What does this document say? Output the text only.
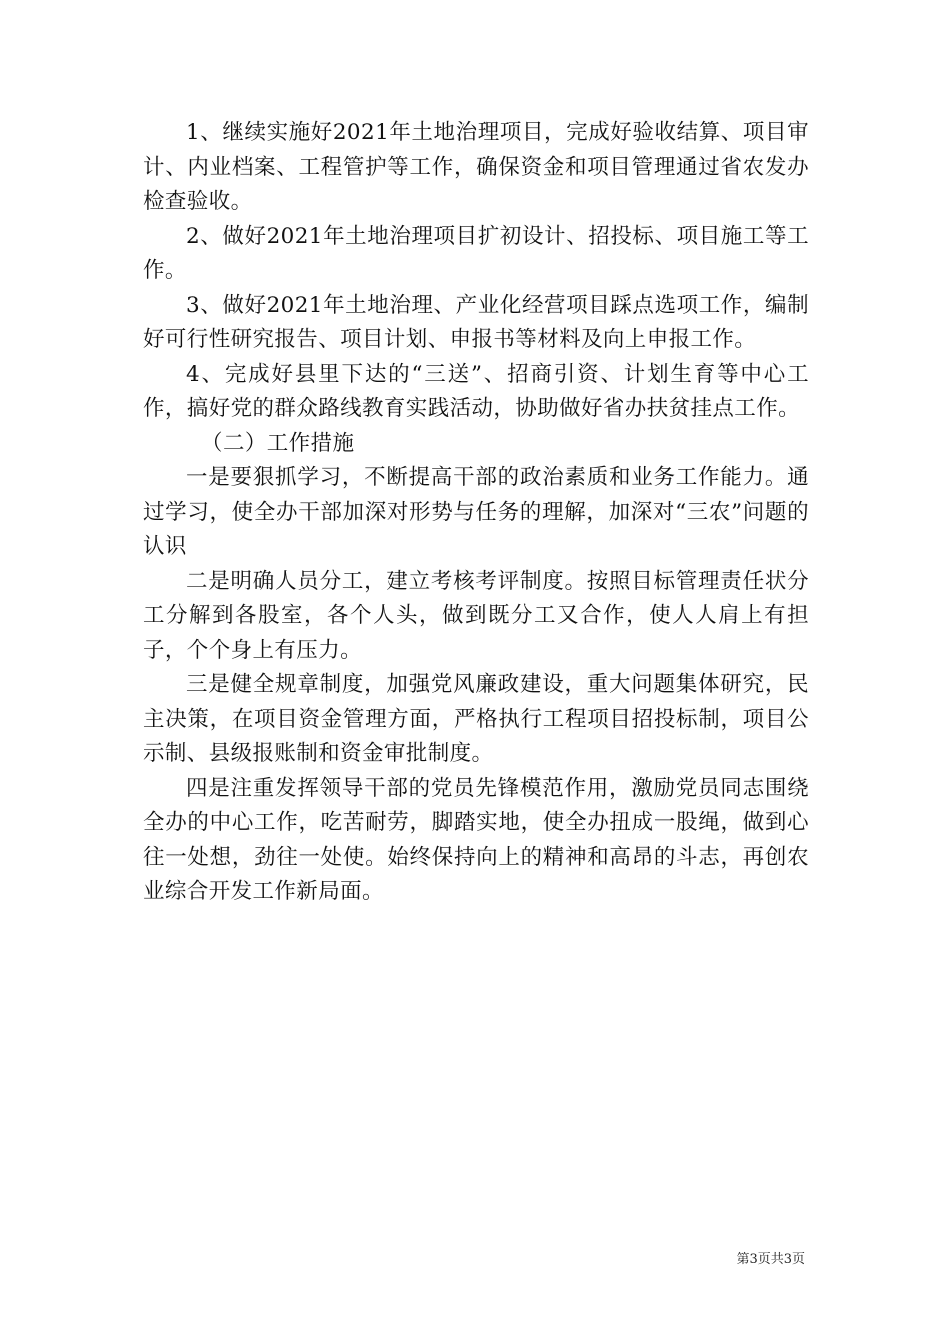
1、继续实施好2021年土地治理项目，完成好验收结算、项目审计、内业档案、工程管护等工作，确保资金和项目管理通过省农发办检查验收。

2、做好2021年土地治理项目扩初设计、招投标、项目施工等工作。

3、做好2021年土地治理、产业化经营项目踩点选项工作，编制好可行性研究报告、项目计划、申报书等材料及向上申报工作。

4、完成好县里下达的“三送”、招商引资、计划生育等中心工作，搞好党的群众路线教育实践活动，协助做好省办扶贫挂点工作。

（二）工作措施

一是要狠抓学习，不断提高干部的政治素质和业务工作能力。通过学习，使全办干部加深对形势与任务的理解，加深对“三农”问题的认识

二是明确人员分工，建立考核考评制度。按照目标管理责任状分工分解到各股室，各个人头，做到既分工又合作，使人人肩上有担子，个个身上有压力。

三是健全规章制度，加强党风廉政建设，重大问题集体研究，民主决策，在项目资金管理方面，严格执行工程项目招投标制，项目公示制、县级报账制和资金审批制度。

四是注重发挥领导干部的党员先锋模范作用，激励党员同志围绕全办的中心工作，吃苦耐劳，脚踏实地，使全办扭成一股绳，做到心往一处想，劲往一处使。始终保持向上的精神和高昂的斗志，再创农业综合开发工作新局面。

第3页共3页
